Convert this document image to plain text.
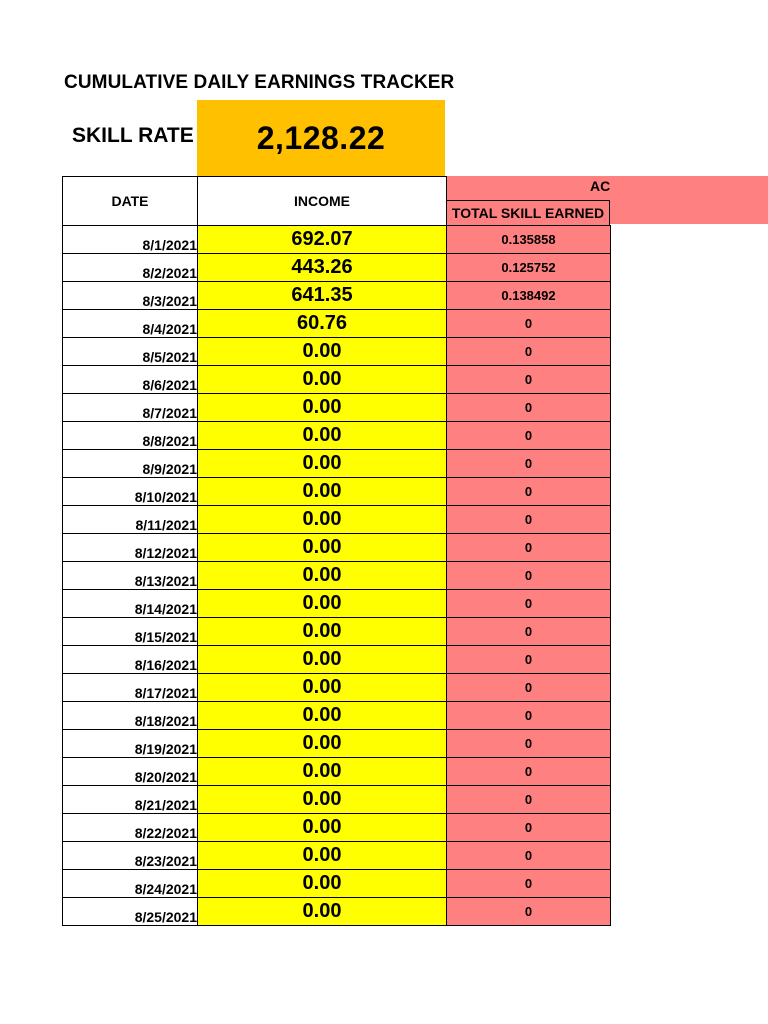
CUMULATIVE DAILY EARNINGS TRACKER
SKILL RATE	2,128.22
AC
DATE	INCOME
TOTAL SKILL EARNED
8/1/2021	692.07	0.135858
8/2/2021	443.26	0.125752
8/3/2021	641.35	0.138492
8/4/2021	60.76	0
8/5/2021	0.00	0
8/6/2021	0.00	0
8/7/2021	0.00	0
8/8/2021	0.00	0
8/9/2021	0.00	0
8/10/2021	0.00	0
8/11/2021	0.00	0
8/12/2021	0.00	0
8/13/2021	0.00	0
8/14/2021	0.00	0
8/15/2021	0.00	0
8/16/2021	0.00	0
8/17/2021	0.00	0
8/18/2021	0.00	0
8/19/2021	0.00	0
8/20/2021	0.00	0
8/21/2021	0.00	0
8/22/2021	0.00	0
8/23/2021	0.00	0
8/24/2021	0.00	0
8/25/2021	0.00	0
